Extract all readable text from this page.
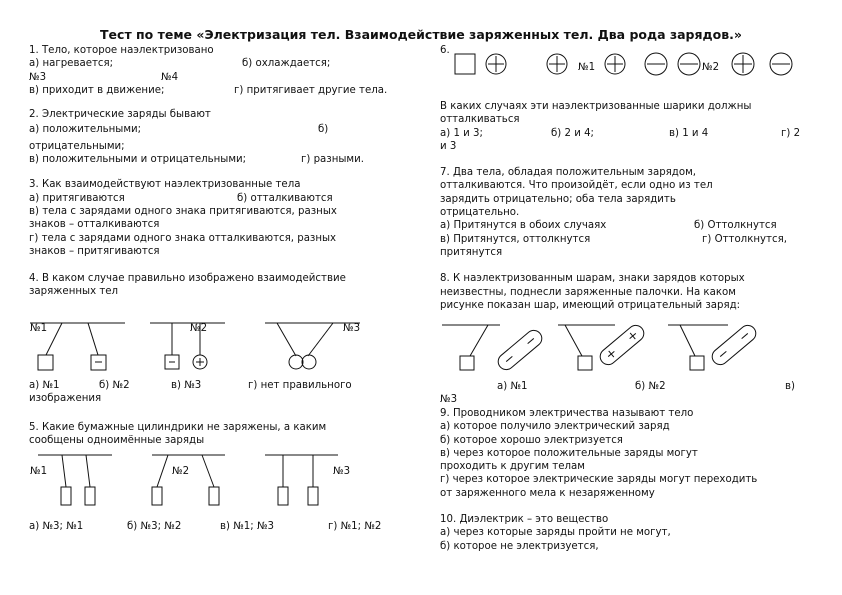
Тест по теме «Электризация тел. Взаимодействие заряженных тел. Два рода зарядов.»

1. Тело, которое наэлектризовано

а) нагревается;	б) охлаждается;
№3	№4
в) приходит в движение;	г) притягивает другие тела.

2. Электрические заряды бывают

а) положительными;	б)

отрицательными;

в) положительными и отрицательными;	г) разными.

3. Как взаимодействуют наэлектризованные тела

а) притягиваются	б) отталкиваются

в) тела с зарядами одного знака притягиваются, разных

знаков – отталкиваются

г) тела с зарядами одного знака отталкиваются, разных

знаков – притягиваются

4. В каком случае правильно изображено взаимодействие

заряженных тел

№1	№2	№3
а) №1	б) №2	в) №3	г) нет правильного

изображения

5. Какие бумажные цилиндрики не заряжены, а каким

сообщены одноимённые заряды

№1	№2	№3
а) №3; №1	б) №3; №2	в) №1; №3	г) №1; №2
6.
№1	№2

В каких случаях эти наэлектризованные шарики должны

отталкиваться

а) 1 и 3;	б) 2 и 4;	в) 1 и 4	г) 2

и 3

7. Два тела, обладая положительным зарядом,

отталкиваются. Что произойдёт, если одно из тел

зарядить отрицательно; оба тела зарядить

отрицательно.

а) Притянутся в обоих случаях	б) Оттолкнутся
в) Притянутся, оттолкнутся	г) Оттолкнутся,

притянутся

8. К наэлектризованным шарам, знаки зарядов которых

неизвестны, поднесли заряженные палочки. На каком

рисунке показан шар, имеющий отрицательный заряд:

а) №1	б) №2	в)

№3

9. Проводником электричества называют тело

а) которое получило электрический заряд

б) которое хорошо электризуется

в) через которое положительные заряды могут

проходить к другим телам

г) через которое электрические заряды могут переходить

от заряженного мела к незаряженному

10. Диэлектрик – это вещество

а) через которые заряды пройти не могут,

б) которое не электризуется,
